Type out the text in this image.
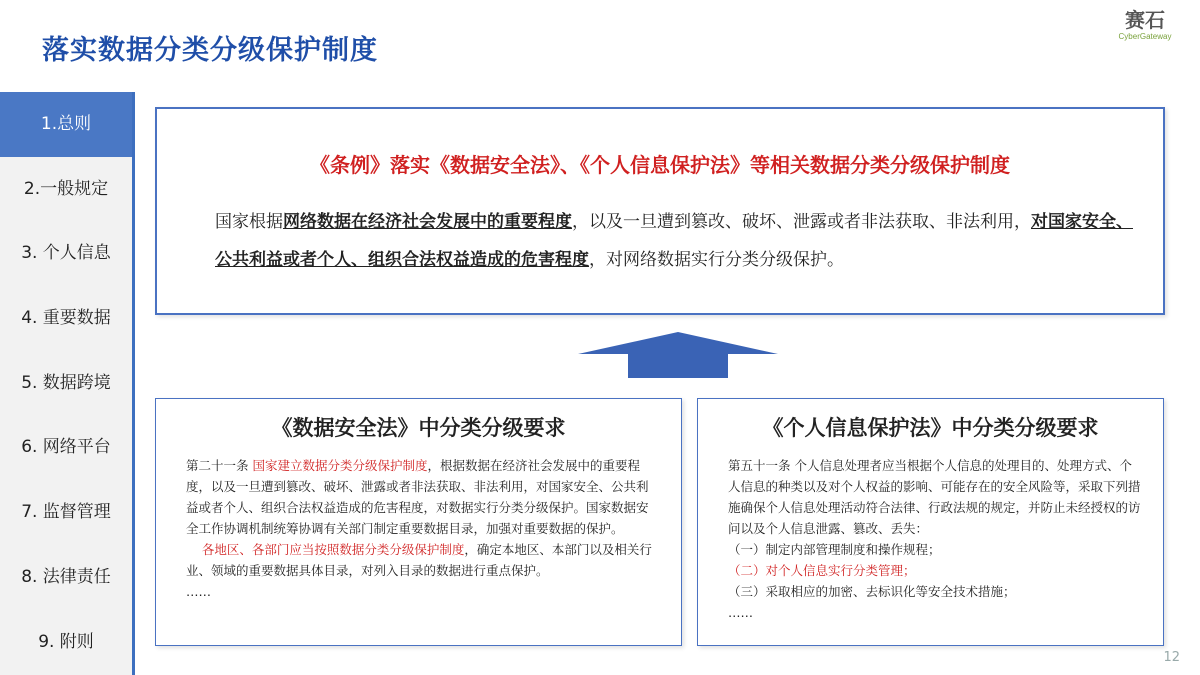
落实数据分类分级保护制度
赛石
CyberGateway
1.总则
2.一般规定
3. 个人信息
4. 重要数据
5. 数据跨境
6. 网络平台
7. 监督管理
8. 法律责任
9. 附则
《条例》落实《数据安全法》、《个人信息保护法》等相关数据分类分级保护制度
国家根据网络数据在经济社会发展中的重要程度，以及一旦遭到篡改、破坏、泄露或者非法获取、非法利用，对国家安全、公共利益或者个人、组织合法权益造成的危害程度，对网络数据实行分类分级保护。
《数据安全法》中分类分级要求

第二十一条 国家建立数据分类分级保护制度，根据数据在经济社会发展中的重要程度，以及一旦遭到篡改、破坏、泄露或者非法获取、非法利用，对国家安全、公共利益或者个人、组织合法权益造成的危害程度，对数据实行分类分级保护。国家数据安全工作协调机制统筹协调有关部门制定重要数据目录，加强对重要数据的保护。

各地区、各部门应当按照数据分类分级保护制度，确定本地区、本部门以及相关行业、领域的重要数据具体目录，对列入目录的数据进行重点保护。

……

《个人信息保护法》中分类分级要求

第五十一条 个人信息处理者应当根据个人信息的处理目的、处理方式、个人信息的种类以及对个人权益的影响、可能存在的安全风险等，采取下列措施确保个人信息处理活动符合法律、行政法规的规定，并防止未经授权的访问以及个人信息泄露、篡改、丢失：

（一）制定内部管理制度和操作规程；

（二）对个人信息实行分类管理；

（三）采取相应的加密、去标识化等安全技术措施；

……

12
